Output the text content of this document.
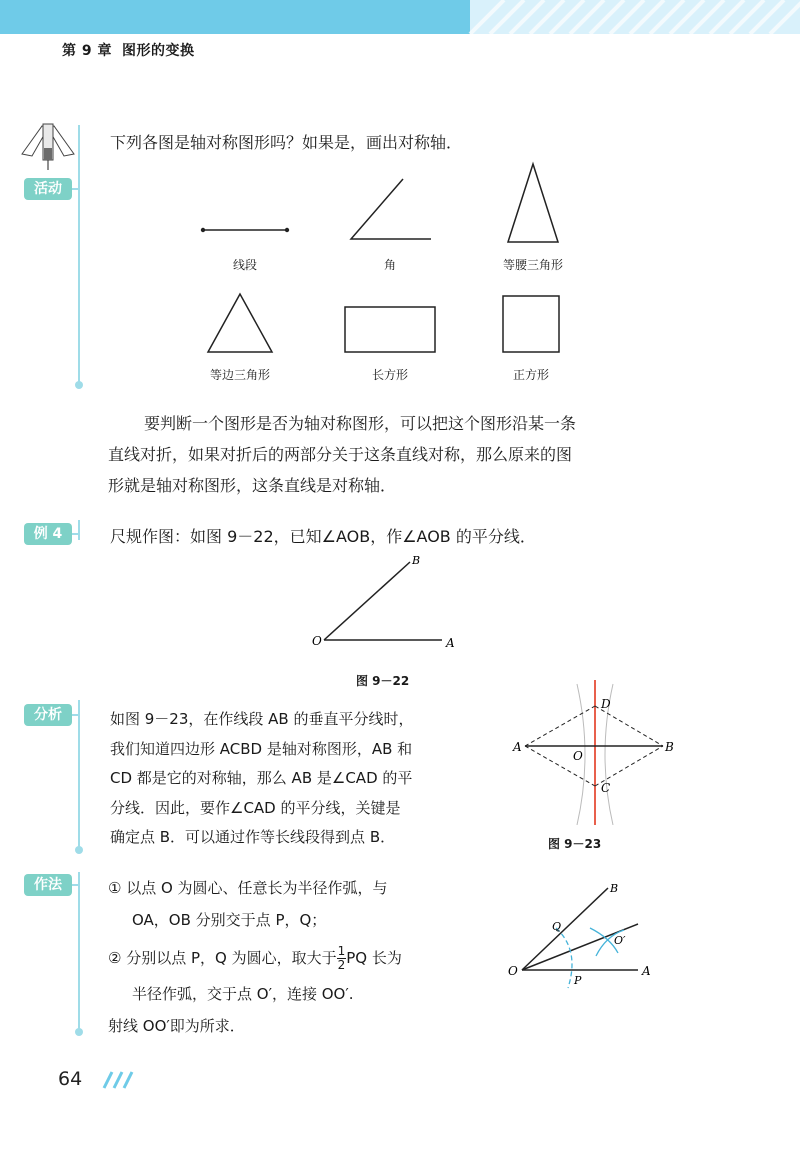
第 9 章 图形的变换
活动
下列各图是轴对称图形吗？如果是，画出对称轴．
线段	角	等腰三角形
等边三角形	长方形	正方形
要判断一个图形是否为轴对称图形，可以把这个图形沿某一条
直线对折，如果对折后的两部分关于这条直线对称，那么原来的图
形就是轴对称图形，这条直线是对称轴．
例 4	尺规作图：如图 9－22，已知∠AOB，作∠AOB 的平分线．
B
O	A
图 9－22
分析	如图 9－23，在作线段 AB 的垂直平分线时，
我们知道四边形 ACBD 是轴对称图形，AB 和
CD 都是它的对称轴，那么 AB 是∠CAD 的平
分线．因此，要作∠CAD 的平分线，关键是
确定点 B．可以通过作等长线段得到点 B．
A	B
D
C
O
图 9－23
作法	① 以点 O 为圆心、任意长为半径作弧，与
OA，OB 分别交于点 P，Q；
② 分别以点 P，Q 为圆心，取大于 $\frac{1}{2}$ PQ 长为
半径作弧，交于点 O′，连接 OO′.
射线 OO′即为所求．
B
O	A
Q
P
O′
64
